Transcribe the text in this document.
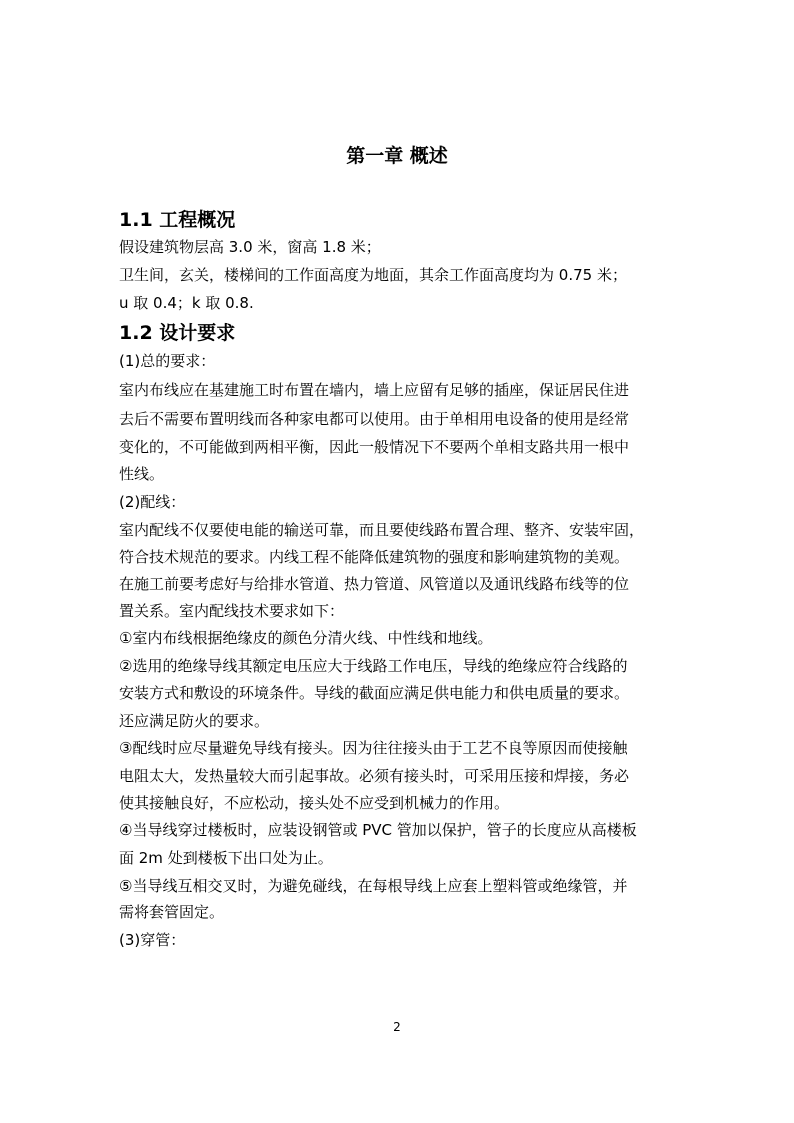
第一章 概述
1.1 工程概况
假设建筑物层高 3.0 米，窗高 1.8 米；
卫生间，玄关，楼梯间的工作面高度为地面，其余工作面高度均为 0.75 米；
u 取 0.4；k 取 0.8.
1.2 设计要求
(1)总的要求：
室内布线应在基建施工时布置在墙内，墙上应留有足够的插座，保证居民住进
去后不需要布置明线而各种家电都可以使用。由于单相用电设备的使用是经常
变化的，不可能做到两相平衡，因此一般情况下不要两个单相支路共用一根中
性线。
(2)配线：
室内配线不仅要使电能的输送可靠，而且要使线路布置合理、整齐、安装牢固，
符合技术规范的要求。内线工程不能降低建筑物的强度和影响建筑物的美观。
在施工前要考虑好与给排水管道、热力管道、风管道以及通讯线路布线等的位
置关系。室内配线技术要求如下：
①室内布线根据绝缘皮的颜色分清火线、中性线和地线。
②选用的绝缘导线其额定电压应大于线路工作电压，导线的绝缘应符合线路的
安装方式和敷设的环境条件。导线的截面应满足供电能力和供电质量的要求。
还应满足防火的要求。
③配线时应尽量避免导线有接头。因为往往接头由于工艺不良等原因而使接触
电阻太大，发热量较大而引起事故。必须有接头时，可采用压接和焊接，务必
使其接触良好，不应松动，接头处不应受到机械力的作用。
④当导线穿过楼板时，应装设钢管或 PVC 管加以保护，管子的长度应从高楼板
面 2m 处到楼板下出口处为止。
⑤当导线互相交叉时，为避免碰线，在每根导线上应套上塑料管或绝缘管，并
需将套管固定。
(3)穿管：
2
